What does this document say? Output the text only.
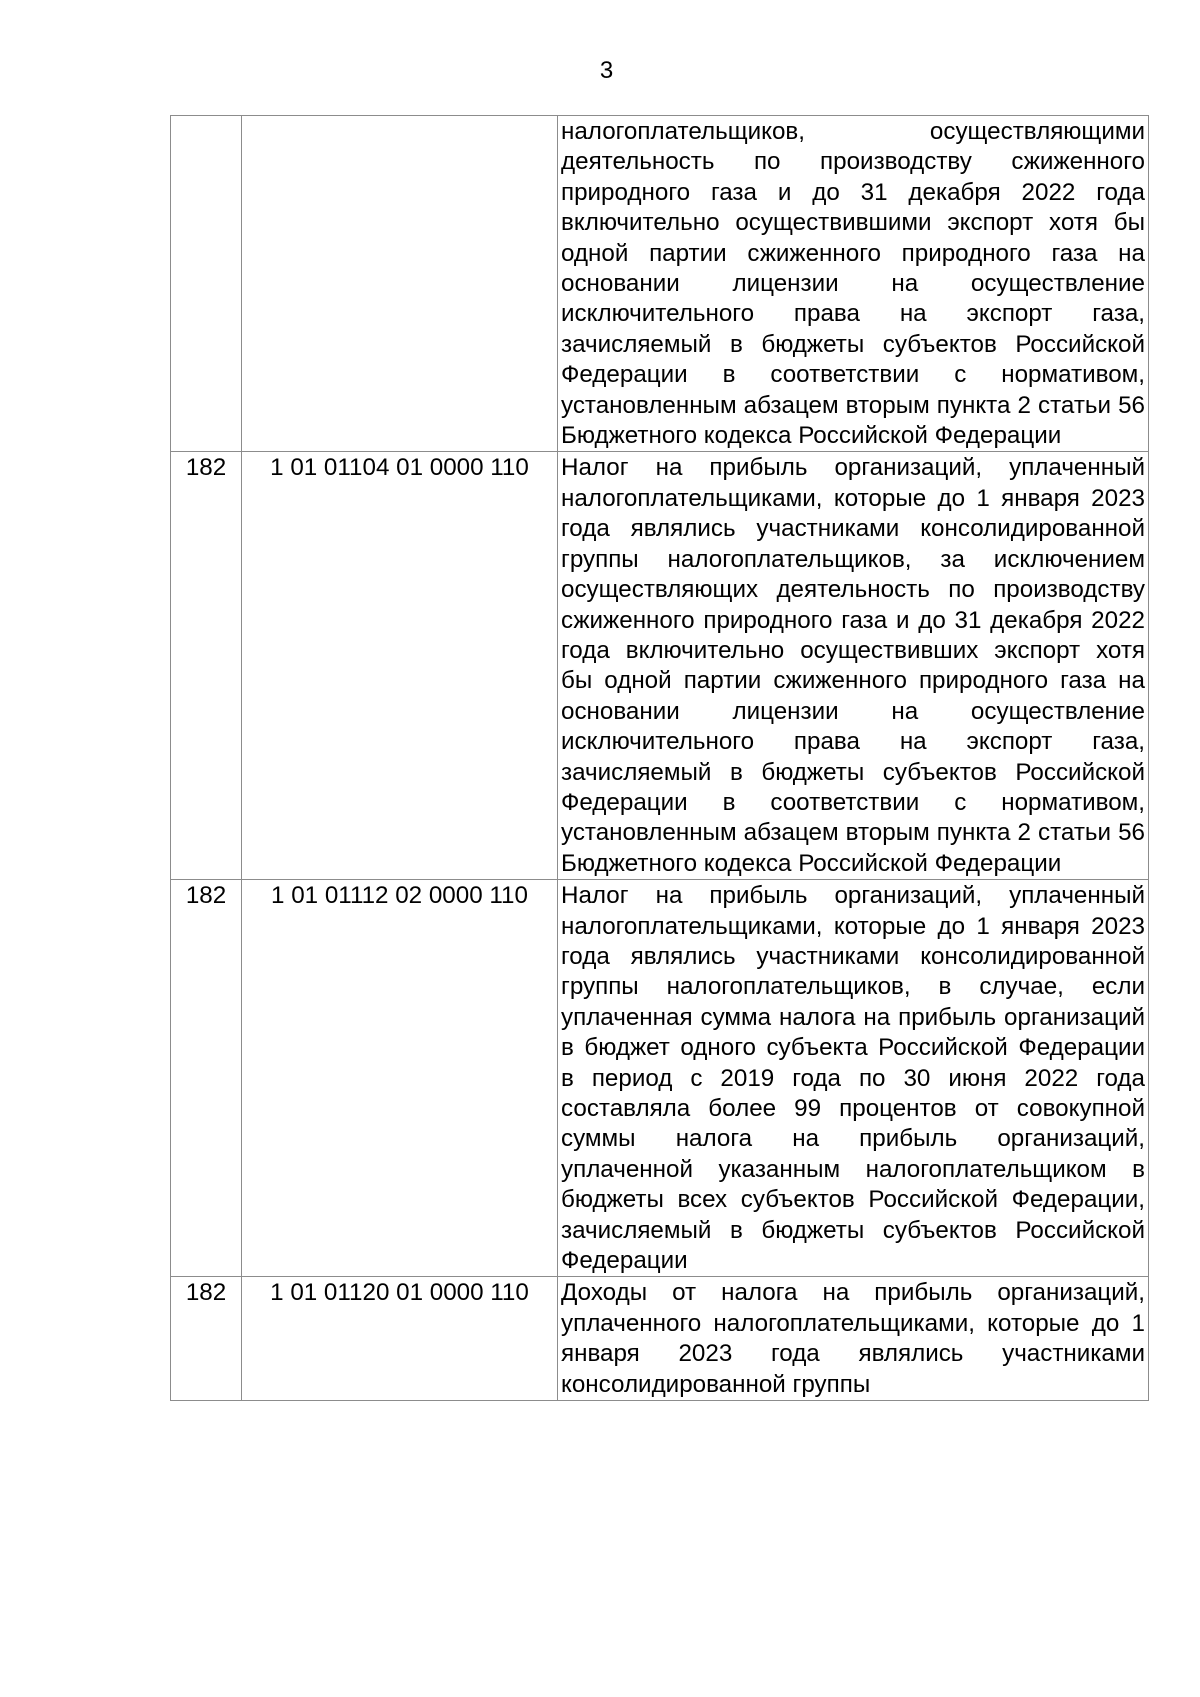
3

		налогоплательщиков, осуществляющими деятельность по производству сжиженного природного газа и до 31 декабря 2022 года включительно осуществившими экспорт хотя бы одной партии сжиженного природного газа на основании лицензии на осуществление исключительного права на экспорт газа, зачисляемый в бюджеты субъектов Российской Федерации в соответствии с нормативом, установленным абзацем вторым пункта 2 статьи 56 Бюджетного кодекса Российской Федерации

182	1 01 01104 01 0000 110	Налог на прибыль организаций, уплаченный налогоплательщиками, которые до 1 января 2023 года являлись участниками консолидированной группы налогоплательщиков, за исключением осуществляющих деятельность по производству сжиженного природного газа и до 31 декабря 2022 года включительно осуществивших экспорт хотя бы одной партии сжиженного природного газа на основании лицензии на осуществление исключительного права на экспорт газа, зачисляемый в бюджеты субъектов Российской Федерации в соответствии с нормативом, установленным абзацем вторым пункта 2 статьи 56 Бюджетного кодекса Российской Федерации

182	1 01 01112 02 0000 110	Налог на прибыль организаций, уплаченный налогоплательщиками, которые до 1 января 2023 года являлись участниками консолидированной группы налогоплательщиков, в случае, если уплаченная сумма налога на прибыль организаций в бюджет одного субъекта Российской Федерации в период с 2019 года по 30 июня 2022 года составляла более 99 процентов от совокупной суммы налога на прибыль организаций, уплаченной указанным налогоплательщиком в бюджеты всех субъектов Российской Федерации, зачисляемый в бюджеты субъектов Российской Федерации

182	1 01 01120 01 0000 110	Доходы от налога на прибыль организаций, уплаченного налогоплательщиками, которые до 1 января 2023 года являлись участниками консолидированной группы
